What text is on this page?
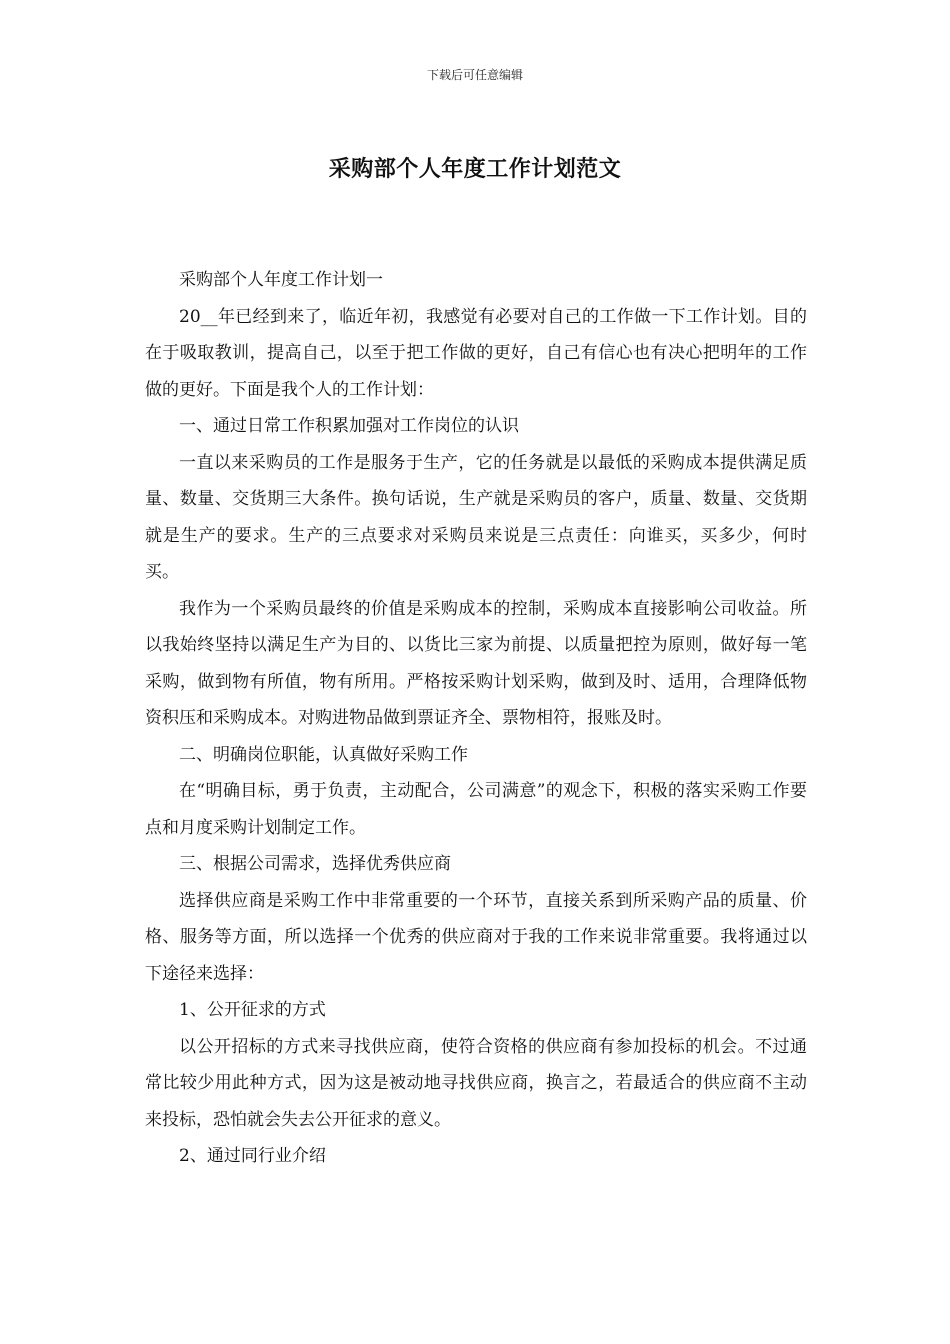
下载后可任意编辑
采购部个人年度工作计划范文

采购部个人年度工作计划一

20__年已经到来了，临近年初，我感觉有必要对自己的工作做一下工作计划。目的在于吸取教训，提高自己，以至于把工作做的更好，自己有信心也有决心把明年的工作做的更好。下面是我个人的工作计划：

一、通过日常工作积累加强对工作岗位的认识

一直以来采购员的工作是服务于生产，它的任务就是以最低的采购成本提供满足质量、数量、交货期三大条件。换句话说，生产就是采购员的客户，质量、数量、交货期就是生产的要求。生产的三点要求对采购员来说是三点责任：向谁买，买多少，何时买。

我作为一个采购员最终的价值是采购成本的控制，采购成本直接影响公司收益。所以我始终坚持以满足生产为目的、以货比三家为前提、以质量把控为原则，做好每一笔采购，做到物有所值，物有所用。严格按采购计划采购，做到及时、适用，合理降低物资积压和采购成本。对购进物品做到票证齐全、票物相符，报账及时。

二、明确岗位职能，认真做好采购工作

在“明确目标，勇于负责，主动配合，公司满意”的观念下，积极的落实采购工作要点和月度采购计划制定工作。

三、根据公司需求，选择优秀供应商

选择供应商是采购工作中非常重要的一个环节，直接关系到所采购产品的质量、价格、服务等方面，所以选择一个优秀的供应商对于我的工作来说非常重要。我将通过以下途径来选择：

1、公开征求的方式

以公开招标的方式来寻找供应商，使符合资格的供应商有参加投标的机会。不过通常比较少用此种方式，因为这是被动地寻找供应商，换言之，若最适合的供应商不主动来投标，恐怕就会失去公开征求的意义。

2、通过同行业介绍
